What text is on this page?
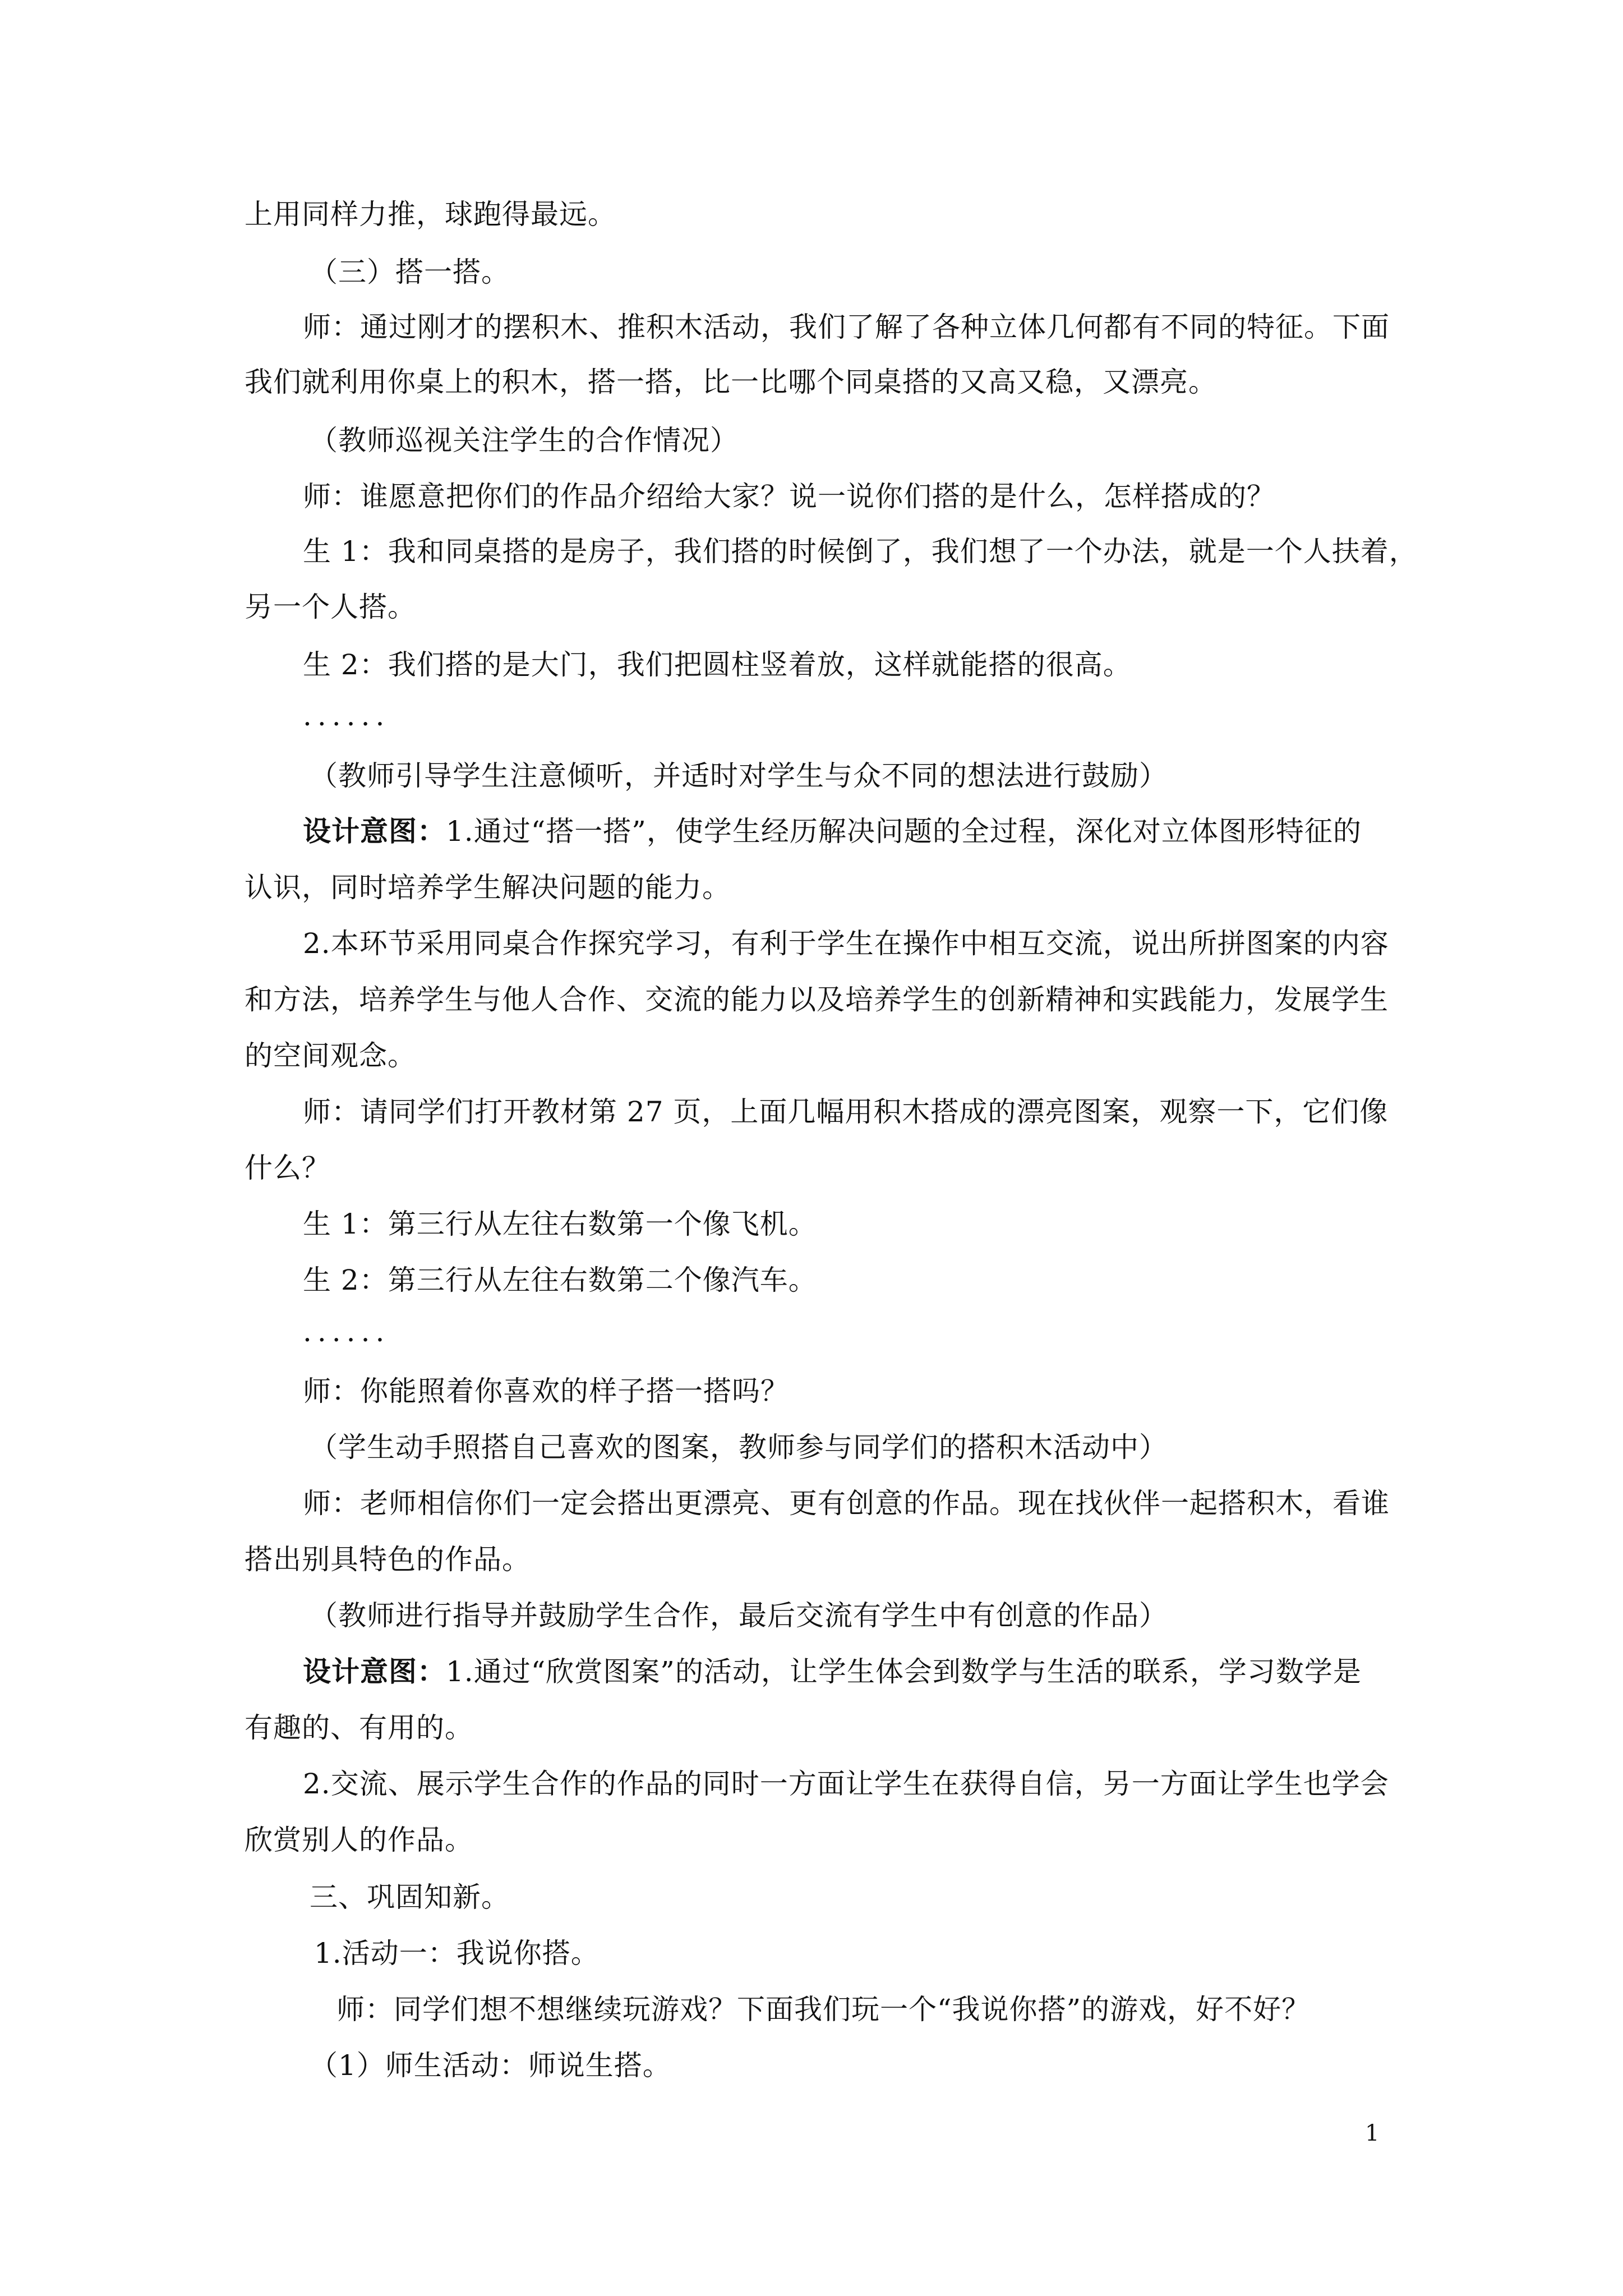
上用同样力推，球跑得最远。
（三）搭一搭。
师：通过刚才的摆积木、推积木活动，我们了解了各种立体几何都有不同的特征。下面
我们就利用你桌上的积木，搭一搭，比一比哪个同桌搭的又高又稳，又漂亮。
（教师巡视关注学生的合作情况）
师：谁愿意把你们的作品介绍给大家？说一说你们搭的是什么，怎样搭成的？
生 1：我和同桌搭的是房子，我们搭的时候倒了，我们想了一个办法，就是一个人扶着，
另一个人搭。
生 2：我们搭的是大门，我们把圆柱竖着放，这样就能搭的很高。
......
（教师引导学生注意倾听，并适时对学生与众不同的想法进行鼓励）
设计意图：1.通过“搭一搭”，使学生经历解决问题的全过程，深化对立体图形特征的
认识，同时培养学生解决问题的能力。
2.本环节采用同桌合作探究学习，有利于学生在操作中相互交流，说出所拼图案的内容
和方法，培养学生与他人合作、交流的能力以及培养学生的创新精神和实践能力，发展学生
的空间观念。
师：请同学们打开教材第 27 页，上面几幅用积木搭成的漂亮图案，观察一下，它们像
什么？
生 1：第三行从左往右数第一个像飞机。
生 2：第三行从左往右数第二个像汽车。
......
师：你能照着你喜欢的样子搭一搭吗？
（学生动手照搭自己喜欢的图案，教师参与同学们的搭积木活动中）
师：老师相信你们一定会搭出更漂亮、更有创意的作品。现在找伙伴一起搭积木，看谁
搭出别具特色的作品。
（教师进行指导并鼓励学生合作，最后交流有学生中有创意的作品）
设计意图：1.通过“欣赏图案”的活动，让学生体会到数学与生活的联系，学习数学是
有趣的、有用的。
2.交流、展示学生合作的作品的同时一方面让学生在获得自信，另一方面让学生也学会
欣赏别人的作品。
三、巩固知新。
1.活动一：我说你搭。
师：同学们想不想继续玩游戏？下面我们玩一个“我说你搭”的游戏，好不好？
（1）师生活动：师说生搭。
1
